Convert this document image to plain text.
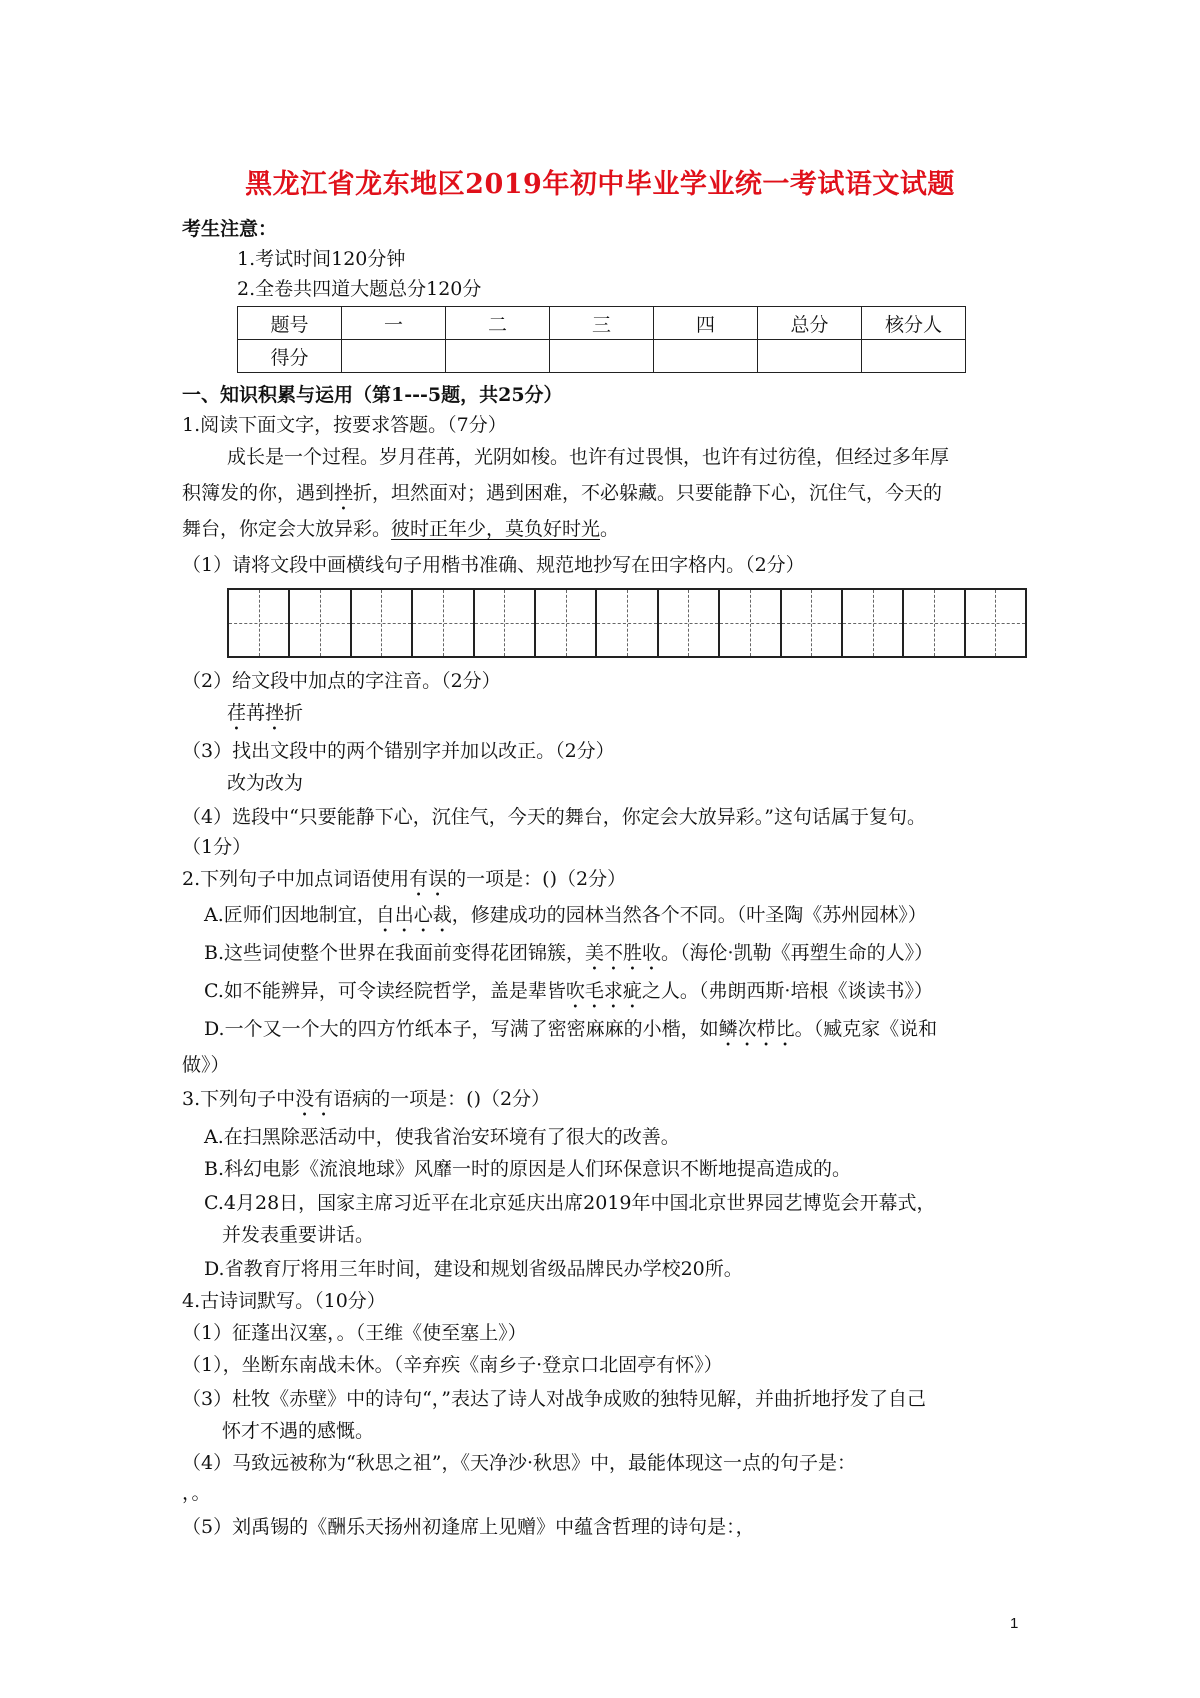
黑龙江省龙东地区2019年初中毕业学业统一考试语文试题
考生注意：
1.考试时间120分钟
2.全卷共四道大题总分120分
题号	一	二	三	四	总分	核分人
得分						
一、知识积累与运用（第1---5题，共25分）
1.阅读下面文字，按要求答题。（7分）
成长是一个过程。岁月荏苒，光阴如梭。也许有过畏惧，也许有过彷徨，但经过多年厚
积簿发的你，遇到挫折，坦然面对；遇到困难，不必躲藏。只要能静下心，沉住气，今天的
舞台，你定会大放异彩。彼时正年少，莫负好时光。
（1）请将文段中画横线句子用楷书准确、规范地抄写在田字格内。（2分）
（2）给文段中加点的字注音。（2分）
荏苒挫折
（3）找出文段中的两个错别字并加以改正。（2分）
改为改为
（4）选段中“只要能静下心，沉住气，今天的舞台，你定会大放异彩。”这句话属于复句。
（1分）
2.下列句子中加点词语使用有误的一项是：()（2分）
A.匠师们因地制宜，自出心裁，修建成功的园林当然各个不同。（叶圣陶《苏州园林》）
B.这些词使整个世界在我面前变得花团锦簇，美不胜收。（海伦·凯勒《再塑生命的人》）
C.如不能辨异，可令读经院哲学，盖是辈皆吹毛求疵之人。（弗朗西斯·培根《谈读书》）
D.一个又一个大的四方竹纸本子，写满了密密麻麻的小楷，如鳞次栉比。（臧克家《说和
做》）
3.下列句子中没有语病的一项是：()（2分）
A.在扫黑除恶活动中，使我省治安环境有了很大的改善。
B.科幻电影《流浪地球》风靡一时的原因是人们环保意识不断地提高造成的。
C.4月28日，国家主席习近平在北京延庆出席2019年中国北京世界园艺博览会开幕式，
并发表重要讲话。
D.省教育厅将用三年时间，建设和规划省级品牌民办学校20所。
4.古诗词默写。（10分）
（1）征蓬出汉塞，。（王维《使至塞上》）
（1），坐断东南战未休。（辛弃疾《南乡子·登京口北固亭有怀》）
（3）杜牧《赤壁》中的诗句“，”表达了诗人对战争成败的独特见解，并曲折地抒发了自己
怀才不遇的感慨。
（4）马致远被称为“秋思之祖”，《天净沙·秋思》中，最能体现这一点的句子是：
，。
（5）刘禹锡的《酬乐天扬州初逢席上见赠》中蕴含哲理的诗句是：，
1
